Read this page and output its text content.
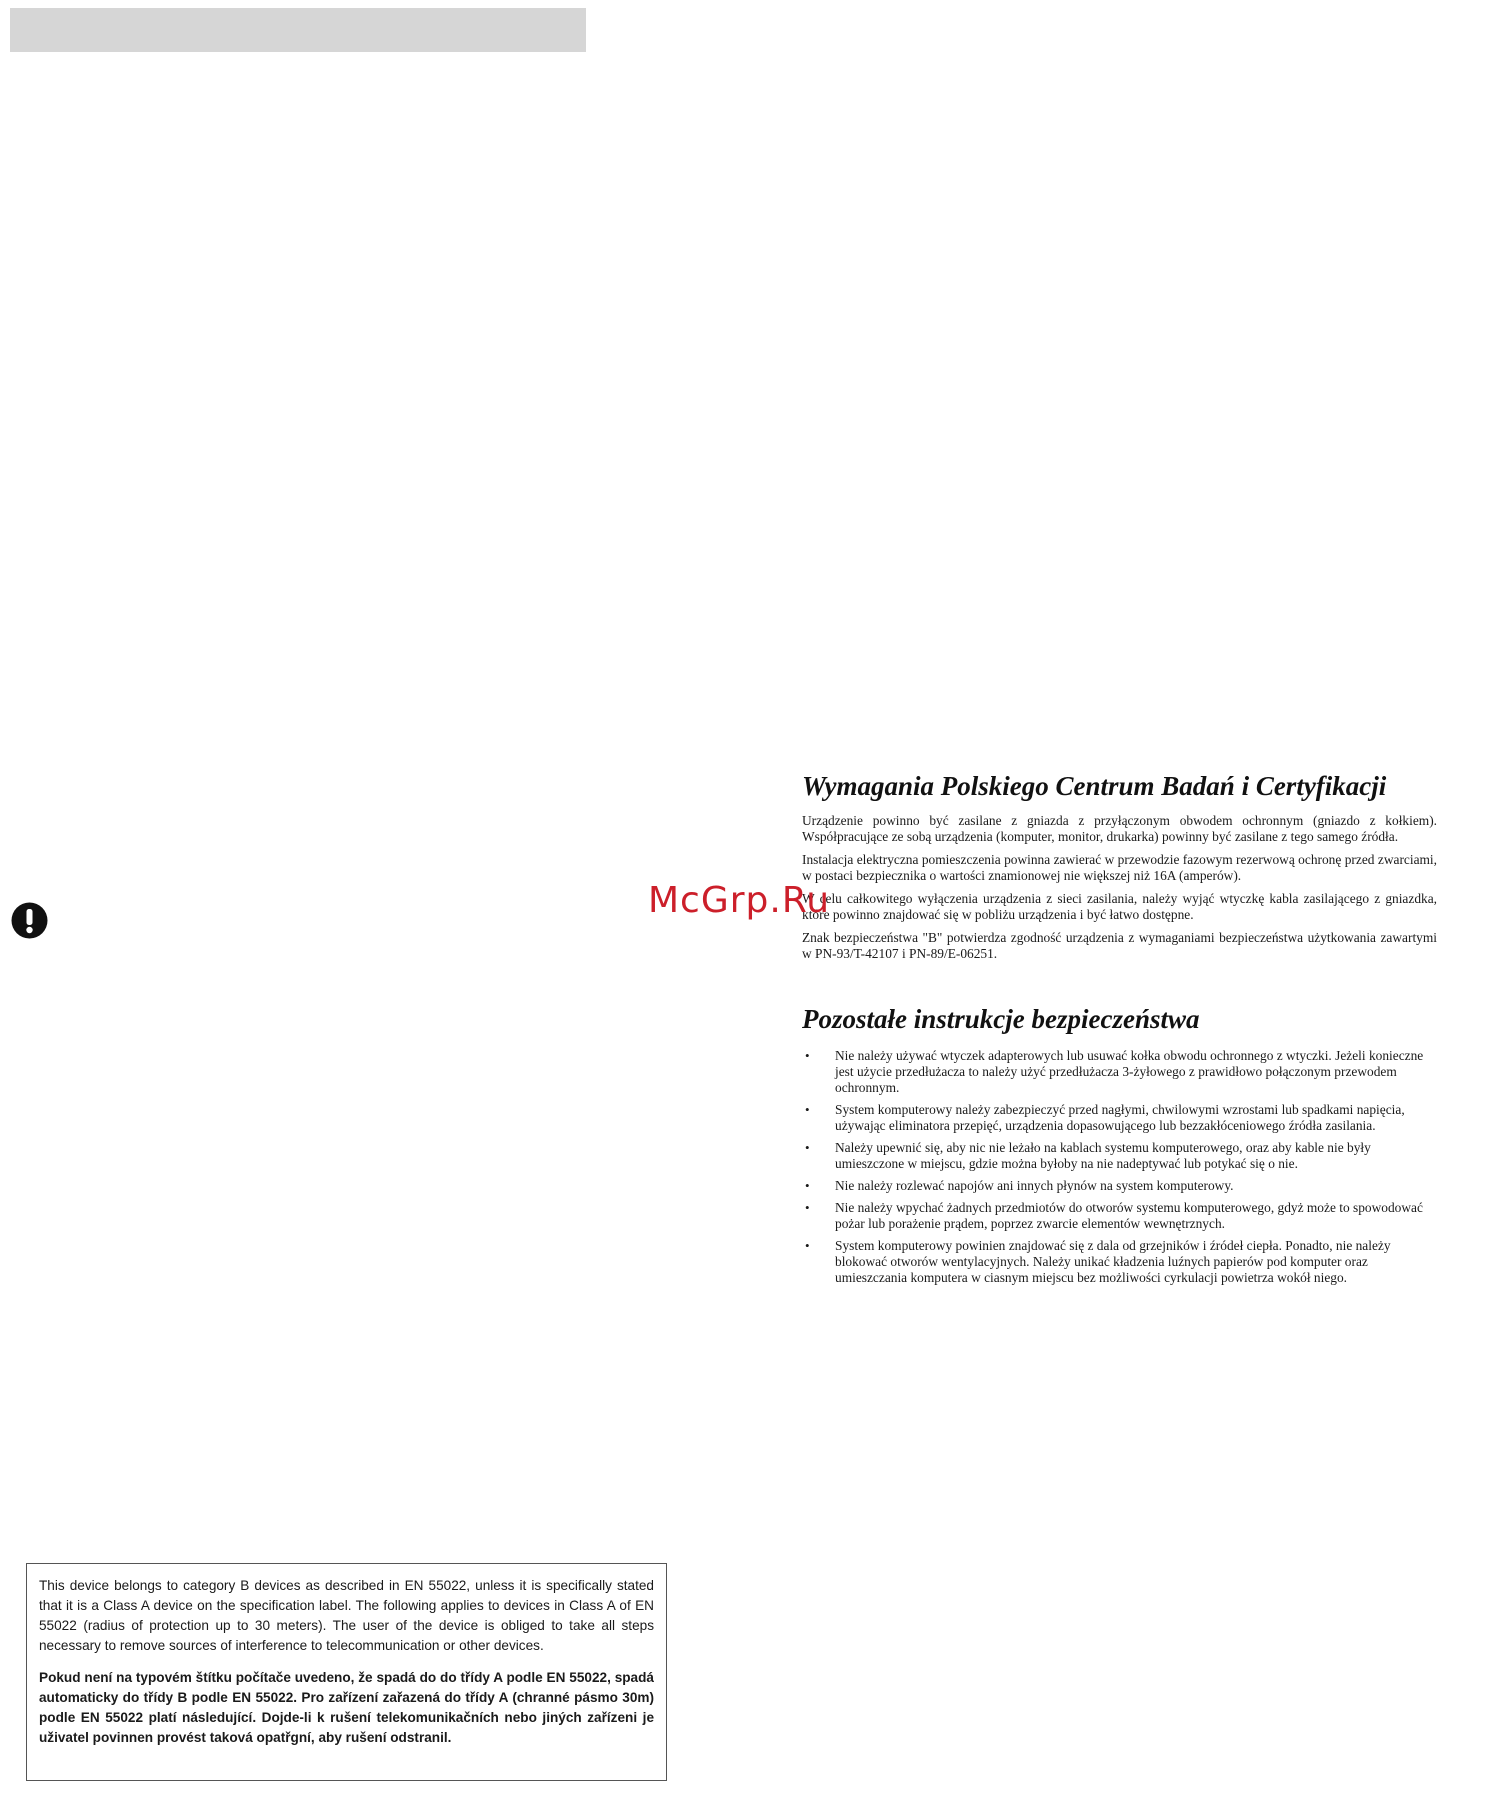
Wymagania Polskiego Centrum Badań i Certyfikacji

Urządzenie powinno być zasilane z gniazda z przyłączonym obwodem ochronnym (gniazdo z kołkiem). Współpracujące ze sobą urządzenia (komputer, monitor, drukarka) powinny być zasilane z tego samego źródła.

Instalacja elektryczna pomieszczenia powinna zawierać w przewodzie fazowym rezerwową ochronę przed zwarciami, w postaci bezpiecznika o wartości znamionowej nie większej niż 16A (amperów).

W celu całkowitego wyłączenia urządzenia z sieci zasilania, należy wyjąć wtyczkę kabla zasilającego z gniazdka, które powinno znajdować się w pobliżu urządzenia i być łatwo dostępne.

Znak bezpieczeństwa "B" potwierdza zgodność urządzenia z wymaganiami bezpieczeństwa użytkowania zawartymi w PN-93/T-42107 i PN-89/E-06251.

Pozostałe instrukcje bezpieczeństwa
• Nie należy używać wtyczek adapterowych lub usuwać kołka obwodu ochronnego z wtyczki. Jeżeli konieczne jest użycie przedłużacza to należy użyć przedłużacza 3-żyłowego z prawidłowo połączonym przewodem ochronnym.
• System komputerowy należy zabezpieczyć przed nagłymi, chwilowymi wzrostami lub spadkami napięcia, używając eliminatora przepięć, urządzenia dopasowującego lub bezzakłóceniowego źródła zasilania.
• Należy upewnić się, aby nic nie leżało na kablach systemu komputerowego, oraz aby kable nie były umieszczone w miejscu, gdzie można byłoby na nie nadeptywać lub potykać się o nie.
• Nie należy rozlewać napojów ani innych płynów na system komputerowy.
• Nie należy wpychać żadnych przedmiotów do otworów systemu komputerowego, gdyż może to spowodować pożar lub porażenie prądem, poprzez zwarcie elementów wewnętrznych.
• System komputerowy powinien znajdować się z dala od grzejników i źródeł ciepła. Ponadto, nie należy blokować otworów wentylacyjnych. Należy unikać kładzenia luźnych papierów pod komputer oraz umieszczania komputera w ciasnym miejscu bez możliwości cyrkulacji powietrza wokół niego.
McGrp.Ru

This device belongs to category B devices as described in EN 55022, unless it is specifically stated that it is a Class A device on the specification label. The following applies to devices in Class A of EN 55022 (radius of protection up to 30 meters). The user of the device is obliged to take all steps necessary to remove sources of interference to telecommunication or other devices.

Pokud není na typovém štítku počítače uvedeno, že spadá do do třídy A podle EN 55022, spadá automaticky do třídy B podle EN 55022. Pro zařízení zařazená do třídy A (chranné pásmo 30m) podle EN 55022 platí následující. Dojde-li k rušení telekomunikačních nebo jiných zařízeni je uživatel povinnen provést taková opatřgní, aby rušení odstranil.
